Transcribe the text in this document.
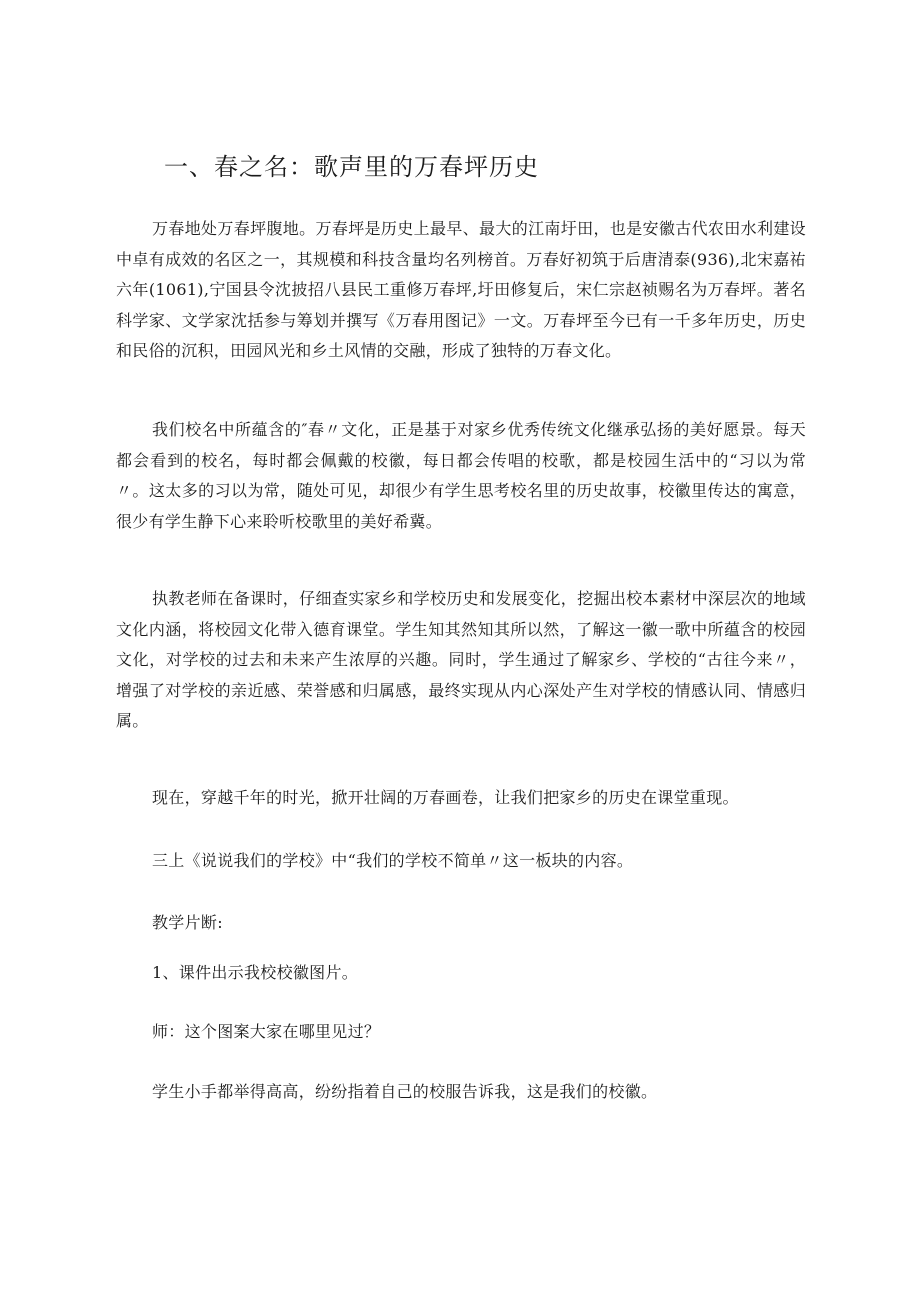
一、春之名：歌声里的万春坪历史

万春地处万春坪腹地。万春坪是历史上最早、最大的江南圩田，也是安徽古代农田水利建设中卓有成效的名区之一，其规模和科技含量均名列榜首。万春好初筑于后唐清泰(936),北宋嘉祐六年(1061),宁国县令沈披招八县民工重修万春坪,圩田修复后，宋仁宗赵祯赐名为万春坪。著名科学家、文学家沈括参与筹划并撰写《万春用图记》一文。万春坪至今已有一千多年历史，历史和民俗的沉积，田园风光和乡土风情的交融，形成了独特的万春文化。

我们校名中所蕴含的″春〃文化，正是基于对家乡优秀传统文化继承弘扬的美好愿景。每天都会看到的校名，每时都会佩戴的校徽，每日都会传唱的校歌，都是校园生活中的“习以为常〃。这太多的习以为常，随处可见，却很少有学生思考校名里的历史故事，校徽里传达的寓意，很少有学生静下心来聆听校歌里的美好希冀。

执教老师在备课时，仔细查实家乡和学校历史和发展变化，挖掘出校本素材中深层次的地域文化内涵，将校园文化带入德育课堂。学生知其然知其所以然，了解这一徽一歌中所蕴含的校园文化，对学校的过去和未来产生浓厚的兴趣。同时，学生通过了解家乡、学校的“古往今来〃，增强了对学校的亲近感、荣誉感和归属感，最终实现从内心深处产生对学校的情感认同、情感归属。

现在，穿越千年的时光，掀开壮阔的万春画卷，让我们把家乡的历史在课堂重现。

三上《说说我们的学校》中“我们的学校不简单〃这一板块的内容。

教学片断:

1、课件出示我校校徽图片。

师：这个图案大家在哪里见过？

学生小手都举得高高，纷纷指着自己的校服告诉我，这是我们的校徽。
